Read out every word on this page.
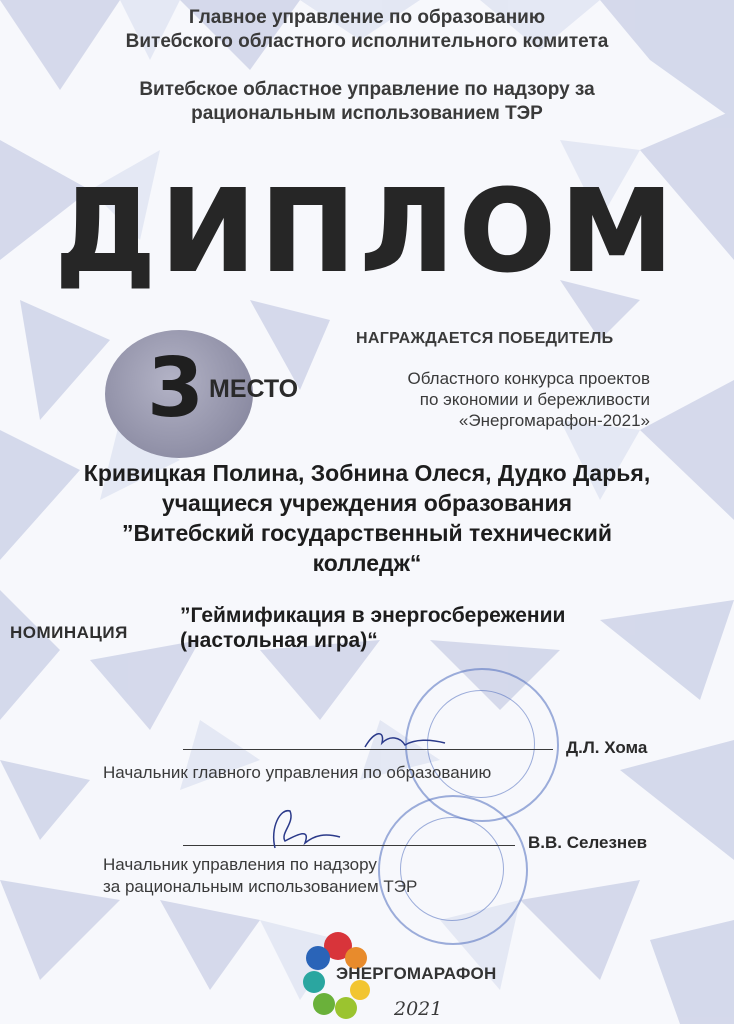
Главное управление по образованию
Витебского областного исполнительного комитета
Витебское областное управление по надзору за
рациональным использованием ТЭР
ДИПЛОМ
3 МЕСТО
НАГРАЖДАЕТСЯ ПОБЕДИТЕЛЬ
Областного конкурса проектов
по экономии и бережливости
«Энергомарафон-2021»
Кривицкая Полина, Зобнина Олеся, Дудко Дарья,
учащиеся учреждения образования
”Витебский государственный технический
колледж“
НОМИНАЦИЯ
”Геймификация в энергосбережении
(настольная игра)“
Д.Л. Хома
Начальник главного управления по образованию
В.В. Селезнев
Начальник управления по надзору
за рациональным использованием ТЭР
ЭНЕРГОМАРАФОН
2021
